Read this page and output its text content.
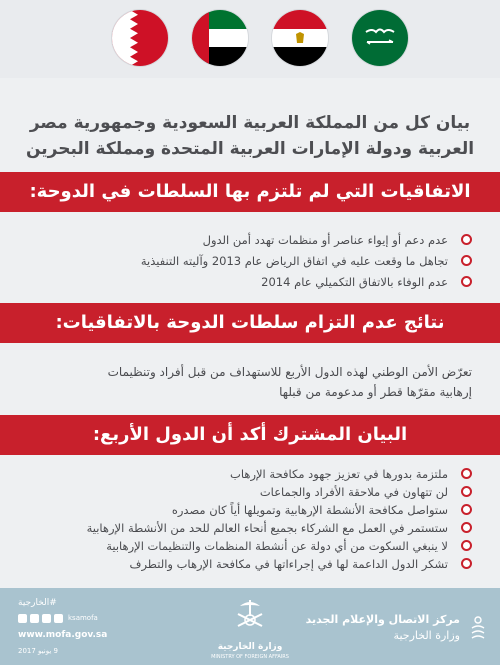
بيان كل من المملكة العربية السعودية وجمهورية مصر
العربية ودولة الإمارات العربية المتحدة ومملكة البحرين
الاتفاقيات التي لم تلتزم بها السلطات في الدوحة:
عدم دعم أو إيواء عناصر أو منظمات تهدد أمن الدول
تجاهل ما وقعت عليه في اتفاق الرياض عام 2013 وآليته التنفيذية
عدم الوفاء بالاتفاق التكميلي عام 2014
نتائج عدم التزام سلطات الدوحة بالاتفاقيات:
تعرّض الأمن الوطني لهذه الدول الأربع للاستهداف من قبل أفراد وتنظيمات
إرهابية مقرّها قطر أو مدعومة من قبلها
البيان المشترك أكد أن الدول الأربع:
ملتزمة بدورها في تعزيز جهود مكافحة الإرهاب
لن تتهاون في ملاحقة الأفراد والجماعات
ستواصل مكافحة الأنشطة الإرهابية وتمويلها أياً كان مصدره
ستستمر في العمل مع الشركاء بجميع أنحاء العالم للحد من الأنشطة الإرهابية
لا ينبغي السكوت من أي دولة عن أنشطة المنظمات والتنظيمات الإرهابية
تشكر الدول الداعمة لها في إجراءاتها في مكافحة الإرهاب والتطرف
مركز الاتصال والإعلام الجديد
وزارة الخارجية
وزارة الخارجية
MINISTRY OF FOREIGN AFFAIRS
#الخارجية
ksamofa
www.mofa.gov.sa
9 يونيو 2017
